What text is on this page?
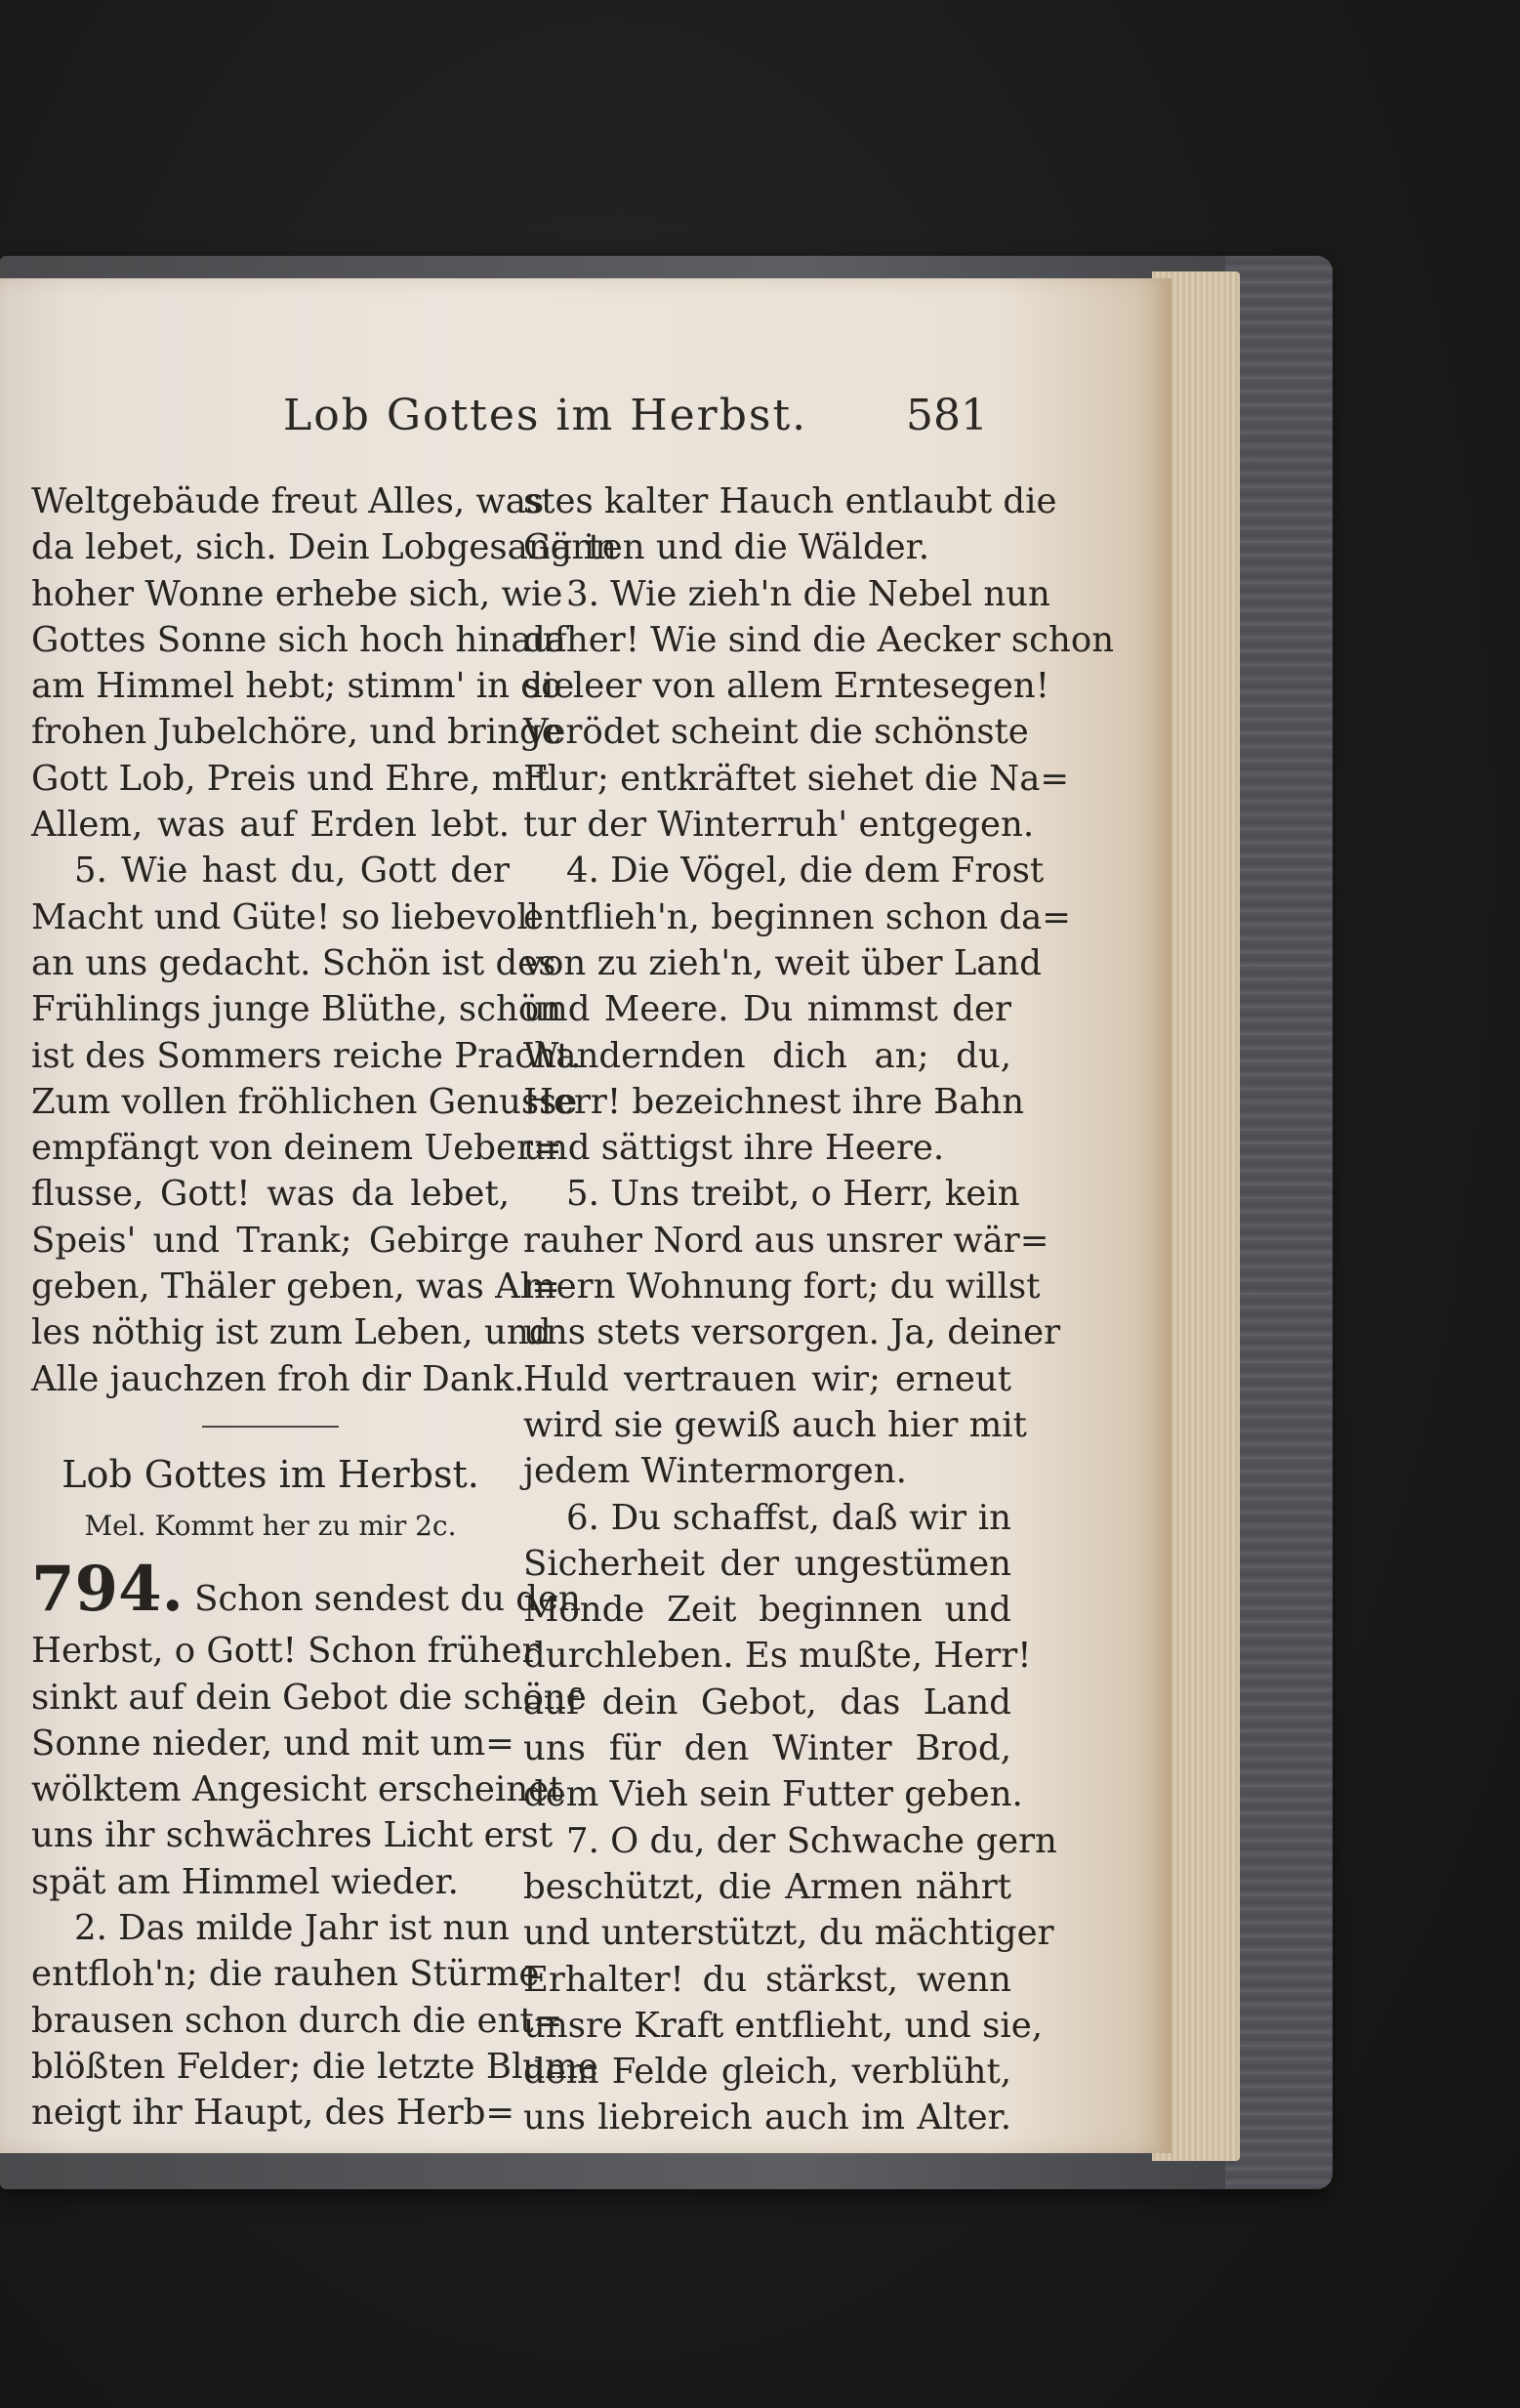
Lob Gottes im Herbst. 581
Weltgebäude freut Alles, was
da lebet, sich. Dein Lobgesang in
hoher Wonne erhebe sich, wie
Gottes Sonne sich hoch hinauf
am Himmel hebt; stimm' in die
frohen Jubelchöre, und bringe
Gott Lob, Preis und Ehre, mit
Allem, was auf Erden lebt.
5. Wie hast du, Gott der
Macht und Güte! so liebevoll
an uns gedacht. Schön ist des
Frühlings junge Blüthe, schön
ist des Sommers reiche Pracht.
Zum vollen fröhlichen Genusse
empfängt von deinem Ueber=
flusse, Gott! was da lebet,
Speis' und Trank; Gebirge
geben, Thäler geben, was Al=
les nöthig ist zum Leben, und
Alle jauchzen froh dir Dank.
Lob Gottes im Herbst.
Mel. Kommt her zu mir 2c.
794. Schon sendest du den
Herbst, o Gott! Schon früher
sinkt auf dein Gebot die schöne
Sonne nieder, und mit um=
wölktem Angesicht erscheinet
uns ihr schwächres Licht erst
spät am Himmel wieder.
2. Das milde Jahr ist nun
entfloh'n; die rauhen Stürme
brausen schon durch die ent=
blößten Felder; die letzte Blume
neigt ihr Haupt, des Herb=
stes kalter Hauch entlaubt die
Gärten und die Wälder.
3. Wie zieh'n die Nebel nun
daher! Wie sind die Aecker schon
so leer von allem Erntesegen!
Verödet scheint die schönste
Flur; entkräftet siehet die Na=
tur der Winterruh' entgegen.
4. Die Vögel, die dem Frost
entflieh'n, beginnen schon da=
von zu zieh'n, weit über Land
und Meere. Du nimmst der
Wandernden dich an; du,
Herr! bezeichnest ihre Bahn
und sättigst ihre Heere.
5. Uns treibt, o Herr, kein
rauher Nord aus unsrer wär=
mern Wohnung fort; du willst
uns stets versorgen. Ja, deiner
Huld vertrauen wir; erneut
wird sie gewiß auch hier mit
jedem Wintermorgen.
6. Du schaffst, daß wir in
Sicherheit der ungestümen
Monde Zeit beginnen und
durchleben. Es mußte, Herr!
auf dein Gebot, das Land
uns für den Winter Brod,
dem Vieh sein Futter geben.
7. O du, der Schwache gern
beschützt, die Armen nährt
und unterstützt, du mächtiger
Erhalter! du stärkst, wenn
unsre Kraft entflieht, und sie,
dem Felde gleich, verblüht,
uns liebreich auch im Alter.
